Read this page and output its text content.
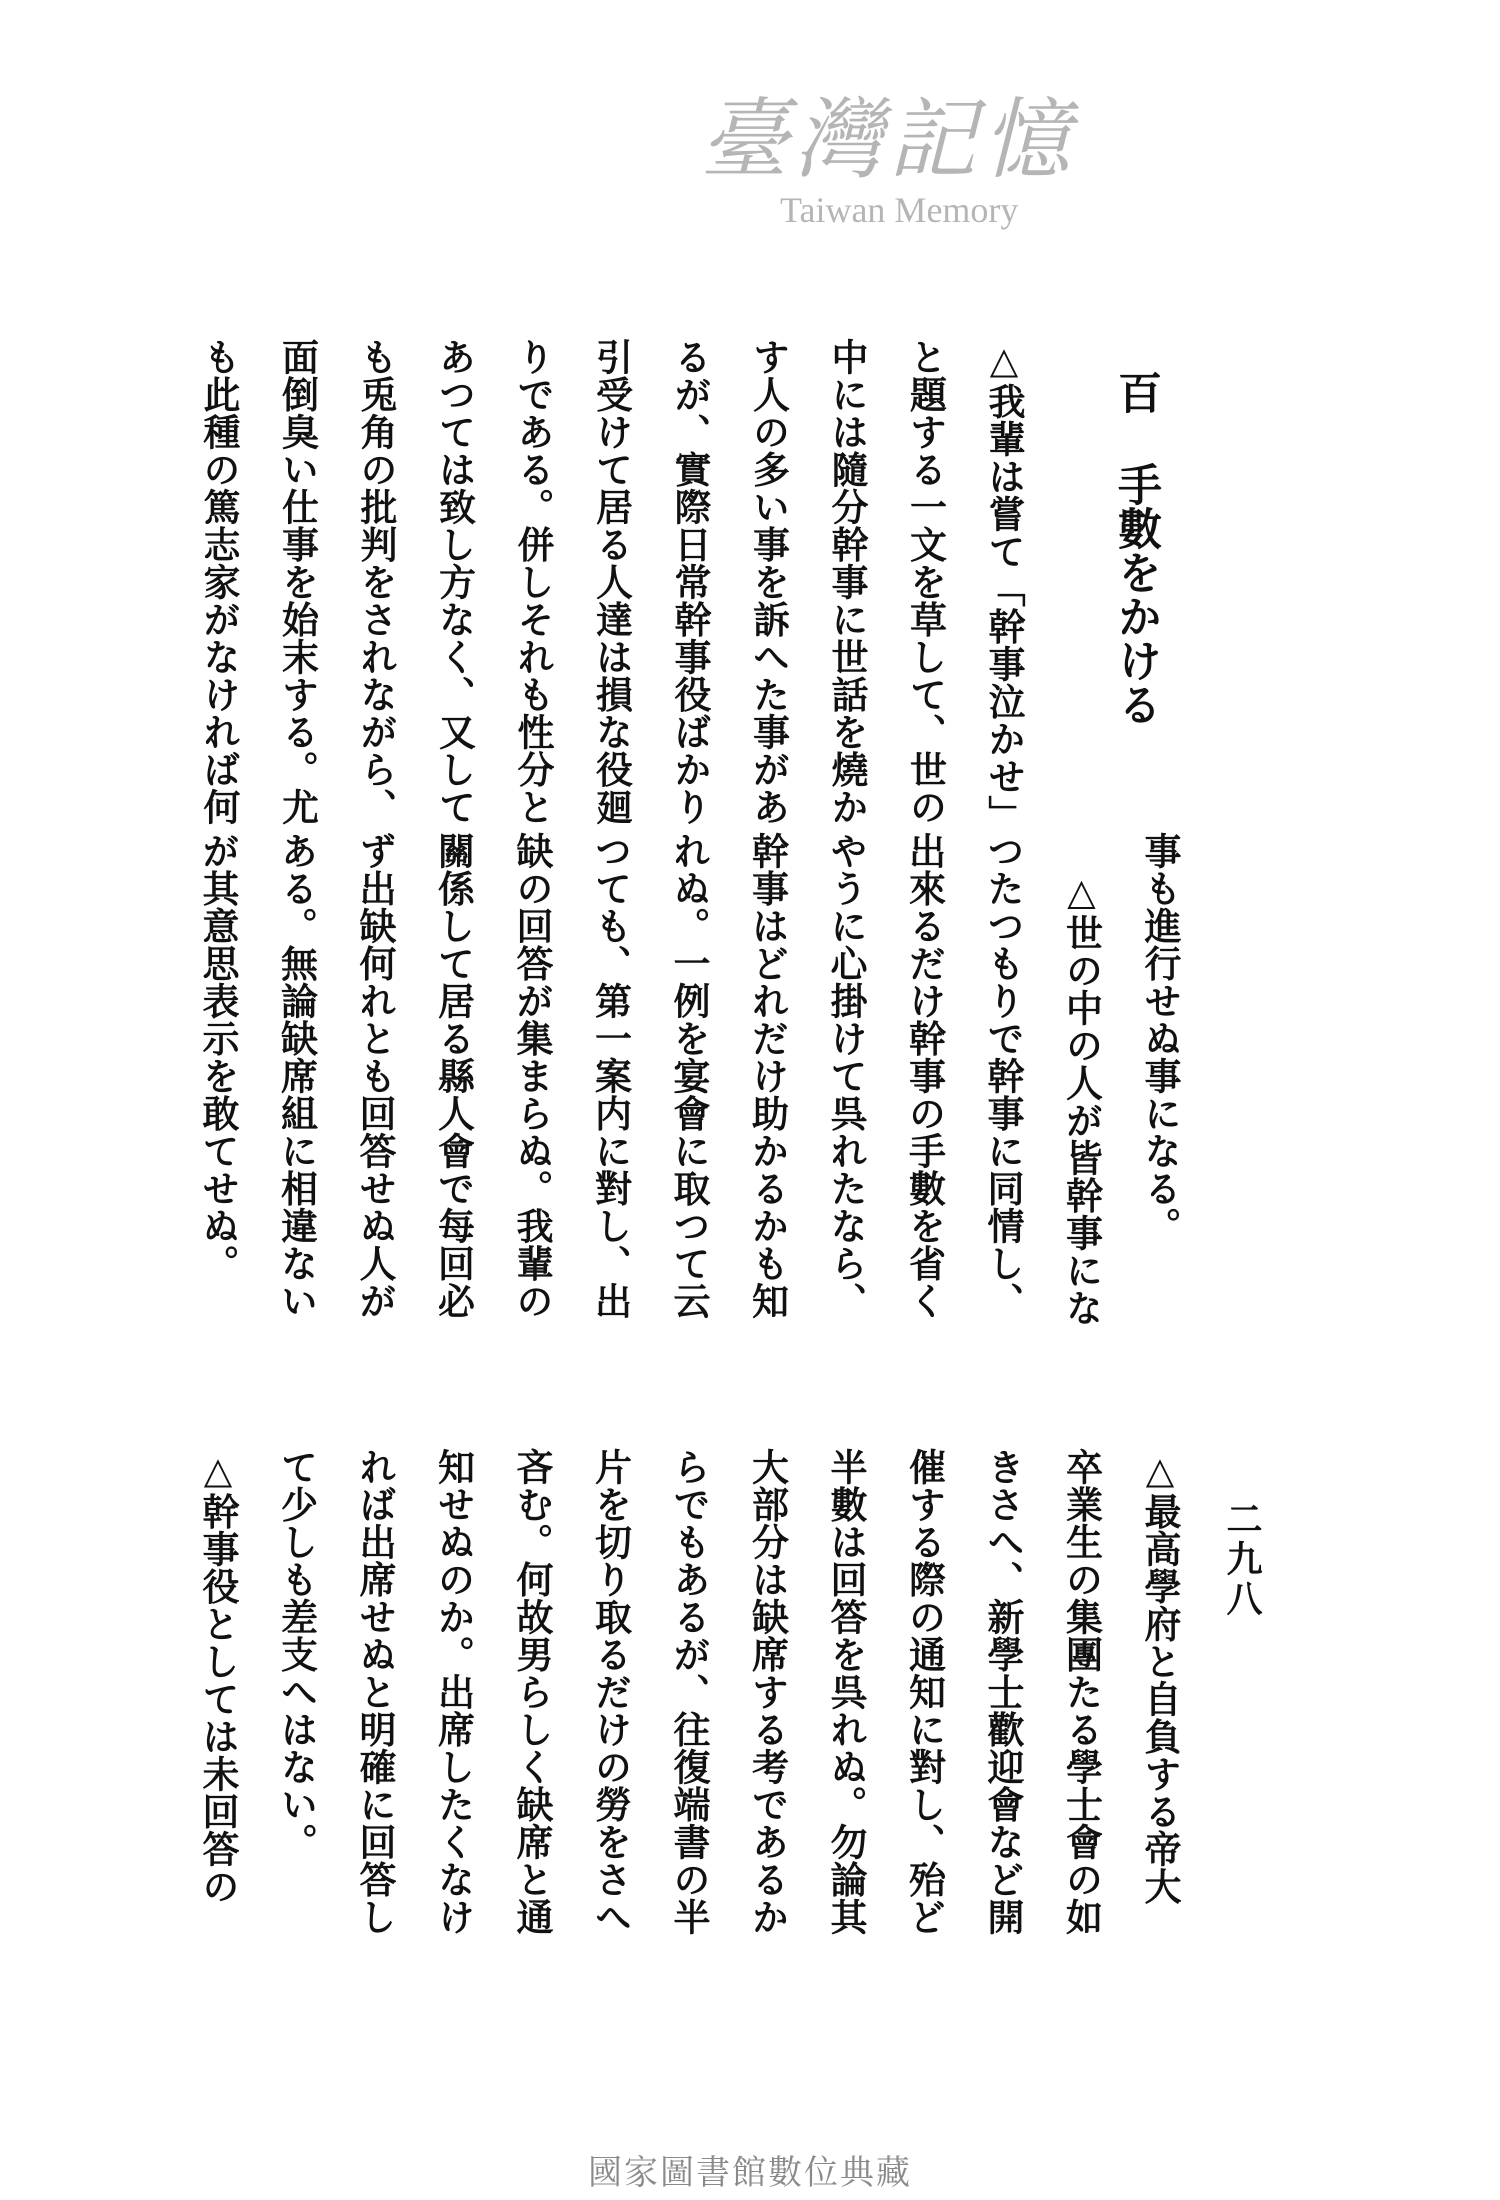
二九八
百手數をかける
△我輩は嘗て「幹事泣かせ」
と題する一文を草して、世の
中には隨分幹事に世話を燒か
す人の多い事を訴へた事があ
るが、實際日常幹事役ばかり
引受けて居る人達は損な役廻
りである。併しそれも性分と
あつては致し方なく、又して
も兎角の批判をされながら、
面倒臭い仕事を始末する。尤
も此種の篤志家がなければ何
事も進行せぬ事になる。
　△世の中の人が皆幹事にな
つたつもりで幹事に同情し、
出來るだけ幹事の手數を省く
やうに心掛けて呉れたなら、
幹事はどれだけ助かるかも知
れぬ。一例を宴會に取つて云
つても、第一案内に對し、出
缺の回答が集まらぬ。我輩の
關係して居る縣人會で每回必
ず出缺何れとも回答せぬ人が
ある。無論缺席組に相違ない
が其意思表示を敢てせぬ。
△最高學府と自負する帝大
卒業生の集團たる學士會の如
きさへ、新學士歡迎會など開
催する際の通知に對し、殆ど
半數は回答を呉れぬ。勿論其
大部分は缺席する考であるか
らでもあるが、往復端書の半
片を切り取るだけの勞をさへ
吝む。何故男らしく缺席と通
知せぬのか。出席したくなけ
れば出席せぬと明確に回答し
て少しも差支へはない。
△幹事役としては未回答の
臺灣記憶
Taiwan Memory
國家圖書館數位典藏
